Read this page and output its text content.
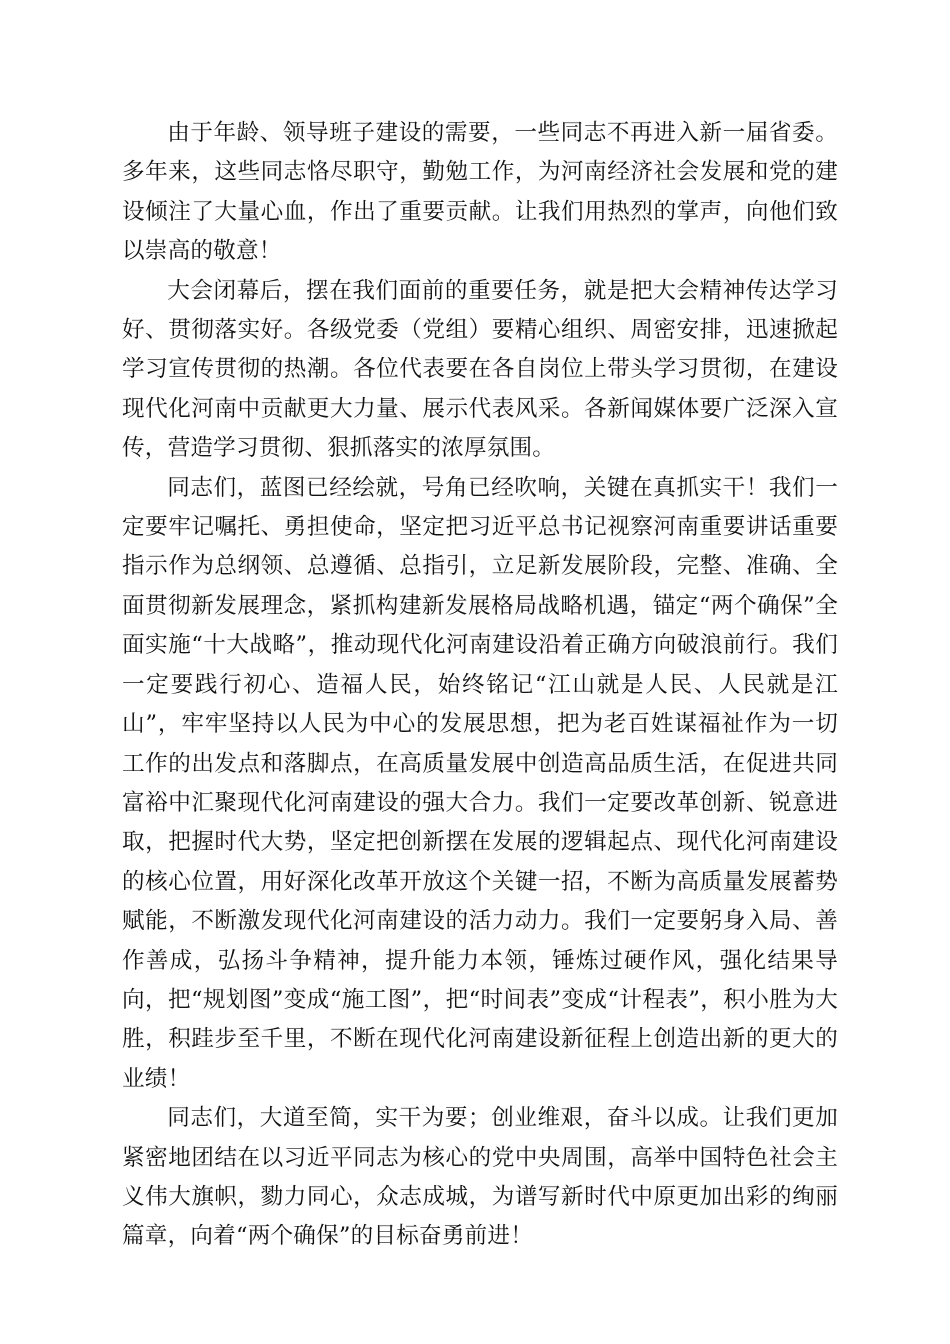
由于年龄、领导班子建设的需要，一些同志不再进入新一届省委。多年来，这些同志恪尽职守，勤勉工作，为河南经济社会发展和党的建设倾注了大量心血，作出了重要贡献。让我们用热烈的掌声，向他们致以崇高的敬意！

大会闭幕后，摆在我们面前的重要任务，就是把大会精神传达学习好、贯彻落实好。各级党委（党组）要精心组织、周密安排，迅速掀起学习宣传贯彻的热潮。各位代表要在各自岗位上带头学习贯彻，在建设现代化河南中贡献更大力量、展示代表风采。各新闻媒体要广泛深入宣传，营造学习贯彻、狠抓落实的浓厚氛围。

同志们，蓝图已经绘就，号角已经吹响，关键在真抓实干！我们一定要牢记嘱托、勇担使命，坚定把习近平总书记视察河南重要讲话重要指示作为总纲领、总遵循、总指引，立足新发展阶段，完整、准确、全面贯彻新发展理念，紧抓构建新发展格局战略机遇，锚定“两个确保”全面实施“十大战略”，推动现代化河南建设沿着正确方向破浪前行。我们一定要践行初心、造福人民，始终铭记“江山就是人民、人民就是江山”，牢牢坚持以人民为中心的发展思想，把为老百姓谋福祉作为一切工作的出发点和落脚点，在高质量发展中创造高品质生活，在促进共同富裕中汇聚现代化河南建设的强大合力。我们一定要改革创新、锐意进取，把握时代大势，坚定把创新摆在发展的逻辑起点、现代化河南建设的核心位置，用好深化改革开放这个关键一招，不断为高质量发展蓄势赋能，不断激发现代化河南建设的活力动力。我们一定要躬身入局、善作善成，弘扬斗争精神，提升能力本领，锤炼过硬作风，强化结果导向，把“规划图”变成“施工图”，把“时间表”变成“计程表”，积小胜为大胜，积跬步至千里，不断在现代化河南建设新征程上创造出新的更大的业绩！

同志们，大道至简，实干为要；创业维艰，奋斗以成。让我们更加紧密地团结在以习近平同志为核心的党中央周围，高举中国特色社会主义伟大旗帜，勠力同心，众志成城，为谱写新时代中原更加出彩的绚丽篇章，向着“两个确保”的目标奋勇前进！
